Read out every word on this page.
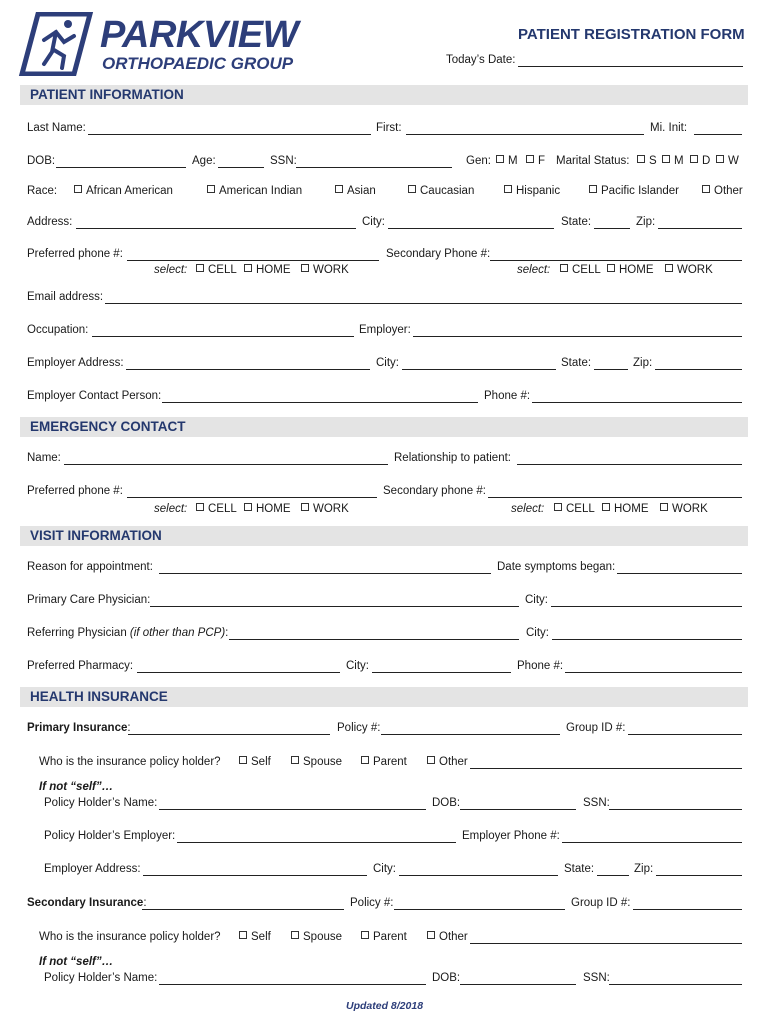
PARKVIEW
ORTHOPAEDIC GROUP
PATIENT REGISTRATION FORM
Today’s Date:
PATIENT INFORMATION
Last Name:	First:	Mi. Init:
DOB:	Age:	SSN:	Gen:	M	F Marital Status:	S	M	D	W
Race:	African American	American Indian	Asian	Caucasian	Hispanic	Pacific Islander	Other
Address:	City:	State:	Zip:
Preferred phone #:	Secondary Phone #:
select:	CELL	HOME	WORK	select:	CELL	HOME	WORK
Email address:
Occupation:	Employer:
Employer Address:	City:	State:	Zip:
Employer Contact Person:	Phone #:
EMERGENCY CONTACT
Name:	Relationship to patient:
Preferred phone #:	Secondary phone #:
select:	CELL	HOME	WORK	select:	CELL	HOME	WORK
VISIT INFORMATION
Reason for appointment:	Date symptoms began:
Primary Care Physician:	City:
Referring Physician (if other than PCP):	City:
Preferred Pharmacy:	City:	Phone #:
HEALTH INSURANCE
Primary Insurance:	Policy #:	Group ID #:
Who is the insurance policy holder?	Self	Spouse	Parent	Other
If not “self”…
Policy Holder’s Name:	DOB:	SSN:
Policy Holder’s Employer:	Employer Phone #:
Employer Address:	City:	State:	Zip:
Secondary Insurance:	Policy #:	Group ID #:
Who is the insurance policy holder?	Self	Spouse	Parent	Other
If not “self”…
Policy Holder’s Name:	DOB:	SSN:
Updated 8/2018
